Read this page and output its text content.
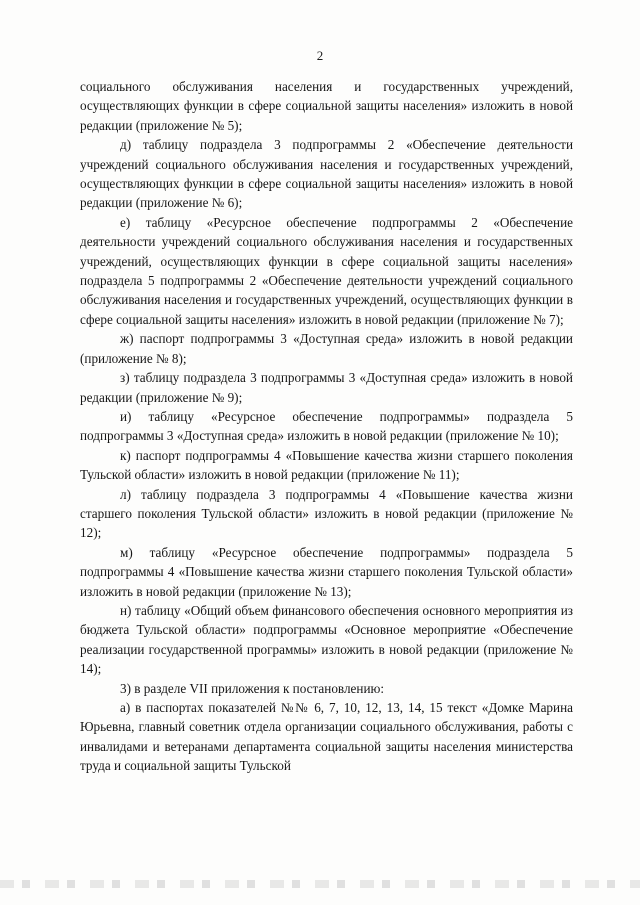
2

социального обслуживания населения и государственных учреждений, осуществляющих функции в сфере социальной защиты населения» изложить в новой редакции (приложение № 5);

д) таблицу подраздела 3 подпрограммы 2 «Обеспечение деятельности учреждений социального обслуживания населения и государственных учреждений, осуществляющих функции в сфере социальной защиты населения» изложить в новой редакции (приложение № 6);

е) таблицу «Ресурсное обеспечение подпрограммы 2 «Обеспечение деятельности учреждений социального обслуживания населения и государственных учреждений, осуществляющих функции в сфере социальной защиты населения» подраздела 5 подпрограммы 2 «Обеспечение деятельности учреждений социального обслуживания населения и государственных учреждений, осуществляющих функции в сфере социальной защиты населения» изложить в новой редакции (приложение № 7);

ж) паспорт подпрограммы 3 «Доступная среда» изложить в новой редакции (приложение № 8);

з) таблицу подраздела 3 подпрограммы 3 «Доступная среда» изложить в новой редакции (приложение № 9);

и) таблицу «Ресурсное обеспечение подпрограммы» подраздела 5 подпрограммы 3 «Доступная среда» изложить в новой редакции (приложение № 10);

к) паспорт подпрограммы 4 «Повышение качества жизни старшего поколения Тульской области» изложить в новой редакции (приложение № 11);

л) таблицу подраздела 3 подпрограммы 4 «Повышение качества жизни старшего поколения Тульской области» изложить в новой редакции (приложение № 12);

м) таблицу «Ресурсное обеспечение подпрограммы» подраздела 5 подпрограммы 4 «Повышение качества жизни старшего поколения Тульской области» изложить в новой редакции (приложение № 13);

н) таблицу «Общий объем финансового обеспечения основного мероприятия из бюджета Тульской области» подпрограммы «Основное мероприятие «Обеспечение реализации государственной программы» изложить в новой редакции (приложение № 14);

3) в разделе VII приложения к постановлению:

а) в паспортах показателей №№ 6, 7, 10, 12, 13, 14, 15 текст «Домке Марина Юрьевна, главный советник отдела организации социального обслуживания, работы с инвалидами и ветеранами департамента социальной защиты населения министерства труда и социальной защиты Тульской
